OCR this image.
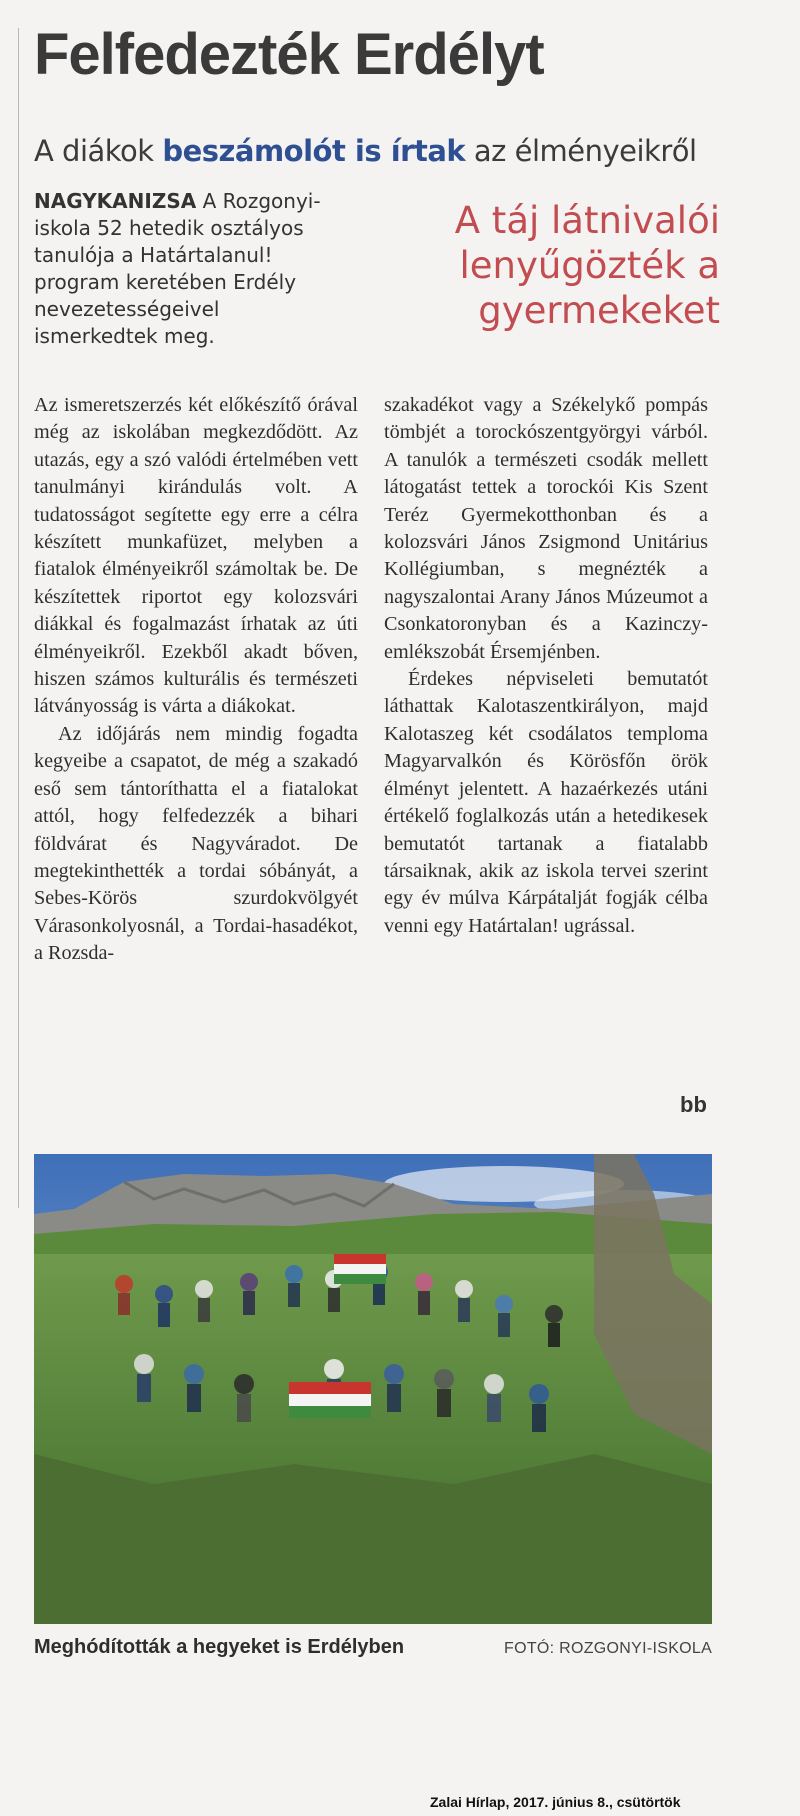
Felfedezték Erdélyt
A diákok beszámolót is írtak az élményeikről
NAGYKANIZSA A Rozgonyi-iskola 52 hetedik osztályos tanulója a Határtalanul! program keretében Erdély nevezetességeivel ismerkedtek meg.
A táj látnivalói lenyűgözték a gyermekeket

Az ismeretszerzés két előkészítő órával még az iskolában megkezdődött. Az utazás, egy a szó valódi értelmében vett tanulmányi kirándulás volt. A tudatosságot segítette egy erre a célra készített munkafüzet, melyben a fiatalok élményeikről számoltak be. De készítettek riportot egy kolozsvári diákkal és fogalmazást írhatak az úti élményeikről. Ezekből akadt bőven, hiszen számos kulturális és természeti látványosság is várta a diákokat.

Az időjárás nem mindig fogadta kegyeibe a csapatot, de még a szakadó eső sem tántoríthatta el a fiatalokat attól, hogy felfedezzék a bihari földvárat és Nagyváradot. De megtekinthették a tordai sóbányát, a Sebes-Körös szurdokvölgyét Várasonkolyosnál, a Tordai-hasadékot, a Rozsda-

szakadékot vagy a Székelykő pompás tömbjét a torockószentgyörgyi várból. A tanulók a természeti csodák mellett látogatást tettek a torockói Kis Szent Teréz Gyermekotthonban és a kolozsvári János Zsigmond Unitárius Kollégiumban, s megnézték a nagyszalontai Arany János Múzeumot a Csonkatoronyban és a Kazinczy-emlékszobát Érsemjénben.

Érdekes népviseleti bemutatót láthattak Kalotaszentkirályon, majd Kalotaszeg két csodálatos temploma Magyarvalkón és Körösfőn örök élményt jelentett. A hazaérkezés utáni értékelő foglalkozás után a hetedikesek bemutatót tartanak a fiatalabb társaiknak, akik az iskola tervei szerint egy év múlva Kárpátalját fogják célba venni egy Határtalan! ugrással.

bb
Meghódították a hegyeket is Erdélyben	FOTÓ: ROZGONYI-ISKOLA
Zalai Hírlap, 2017. június 8., csütörtök
